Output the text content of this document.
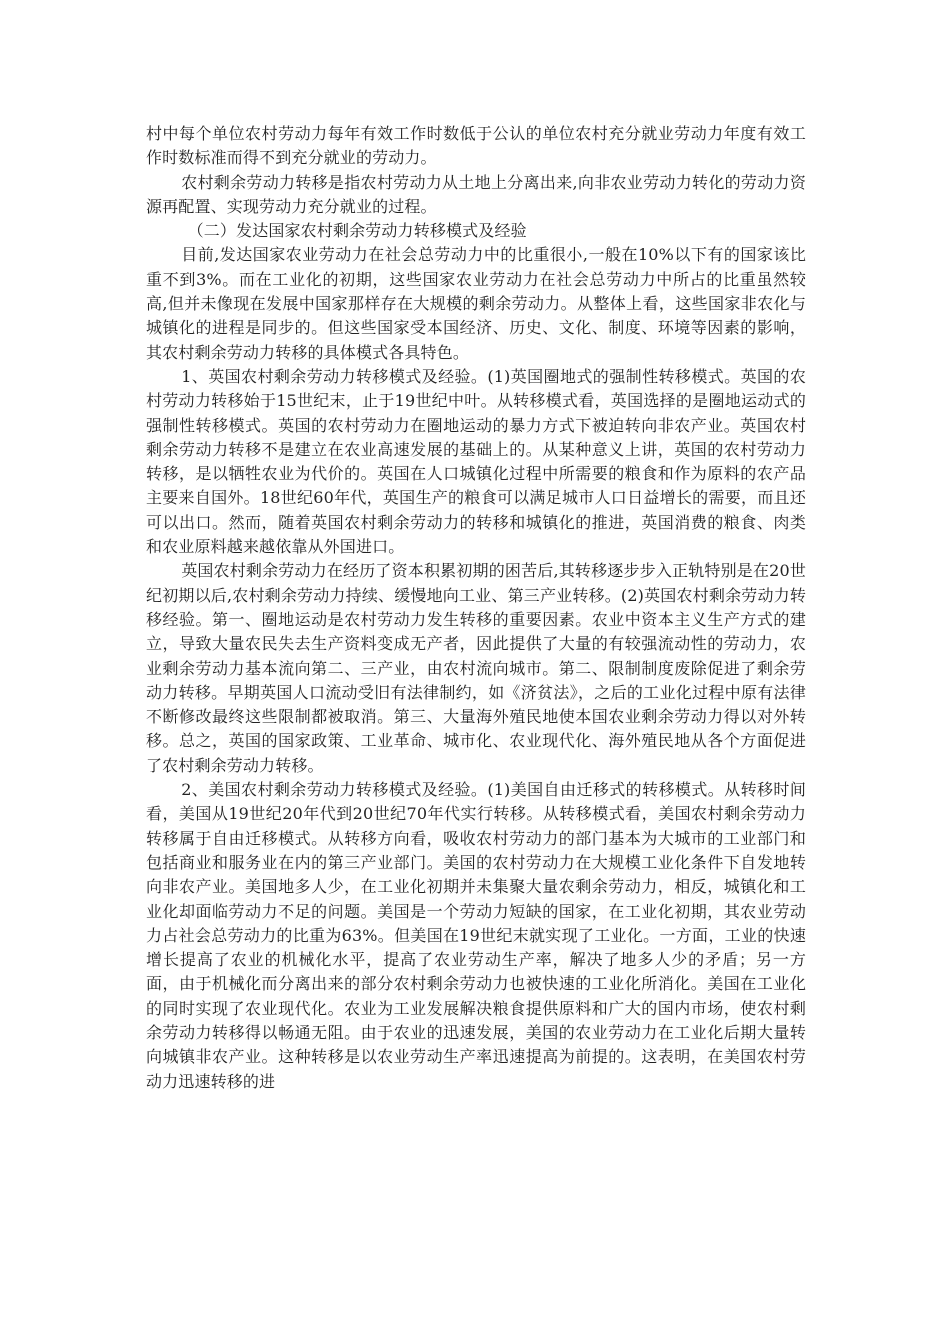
村中每个单位农村劳动力每年有效工作时数低于公认的单位农村充分就业劳动力年度有效工作时数标准而得不到充分就业的劳动力。

农村剩余劳动力转移是指农村劳动力从土地上分离出来,向非农业劳动力转化的劳动力资源再配置、实现劳动力充分就业的过程。

（二）发达国家农村剩余劳动力转移模式及经验

目前,发达国家农业劳动力在社会总劳动力中的比重很小,一般在10%以下有的国家该比重不到3%。而在工业化的初期，这些国家农业劳动力在社会总劳动力中所占的比重虽然较高,但并未像现在发展中国家那样存在大规模的剩余劳动力。从整体上看，这些国家非农化与城镇化的进程是同步的。但这些国家受本国经济、历史、文化、制度、环境等因素的影响，其农村剩余劳动力转移的具体模式各具特色。

1、英国农村剩余劳动力转移模式及经验。(1)英国圈地式的强制性转移模式。英国的农村劳动力转移始于15世纪末，止于19世纪中叶。从转移模式看，英国选择的是圈地运动式的强制性转移模式。英国的农村劳动力在圈地运动的暴力方式下被迫转向非农产业。英国农村剩余劳动力转移不是建立在农业高速发展的基础上的。从某种意义上讲，英国的农村劳动力转移，是以牺牲农业为代价的。英国在人口城镇化过程中所需要的粮食和作为原料的农产品主要来自国外。18世纪60年代，英国生产的粮食可以满足城市人口日益增长的需要，而且还可以出口。然而，随着英国农村剩余劳动力的转移和城镇化的推进，英国消费的粮食、肉类和农业原料越来越依靠从外国进口。

英国农村剩余劳动力在经历了资本积累初期的困苦后,其转移逐步步入正轨特别是在20世纪初期以后,农村剩余劳动力持续、缓慢地向工业、第三产业转移。(2)英国农村剩余劳动力转移经验。第一、圈地运动是农村劳动力发生转移的重要因素。农业中资本主义生产方式的建立，导致大量农民失去生产资料变成无产者，因此提供了大量的有较强流动性的劳动力，农业剩余劳动力基本流向第二、三产业，由农村流向城市。第二、限制制度废除促进了剩余劳动力转移。早期英国人口流动受旧有法律制约，如《济贫法》，之后的工业化过程中原有法律不断修改最终这些限制都被取消。第三、大量海外殖民地使本国农业剩余劳动力得以对外转移。总之，英国的国家政策、工业革命、城市化、农业现代化、海外殖民地从各个方面促进了农村剩余劳动力转移。

2、美国农村剩余劳动力转移模式及经验。(1)美国自由迁移式的转移模式。从转移时间看，美国从19世纪20年代到20世纪70年代实行转移。从转移模式看，美国农村剩余劳动力转移属于自由迁移模式。从转移方向看，吸收农村劳动力的部门基本为大城市的工业部门和包括商业和服务业在内的第三产业部门。美国的农村劳动力在大规模工业化条件下自发地转向非农产业。美国地多人少，在工业化初期并未集聚大量农剩余劳动力，相反，城镇化和工业化却面临劳动力不足的问题。美国是一个劳动力短缺的国家，在工业化初期，其农业劳动力占社会总劳动力的比重为63%。但美国在19世纪末就实现了工业化。一方面，工业的快速增长提高了农业的机械化水平，提高了农业劳动生产率，解决了地多人少的矛盾；另一方面，由于机械化而分离出来的部分农村剩余劳动力也被快速的工业化所消化。美国在工业化的同时实现了农业现代化。农业为工业发展解决粮食提供原料和广大的国内市场，使农村剩余劳动力转移得以畅通无阻。由于农业的迅速发展，美国的农业劳动力在工业化后期大量转向城镇非农产业。这种转移是以农业劳动生产率迅速提高为前提的。这表明，在美国农村劳动力迅速转移的进
